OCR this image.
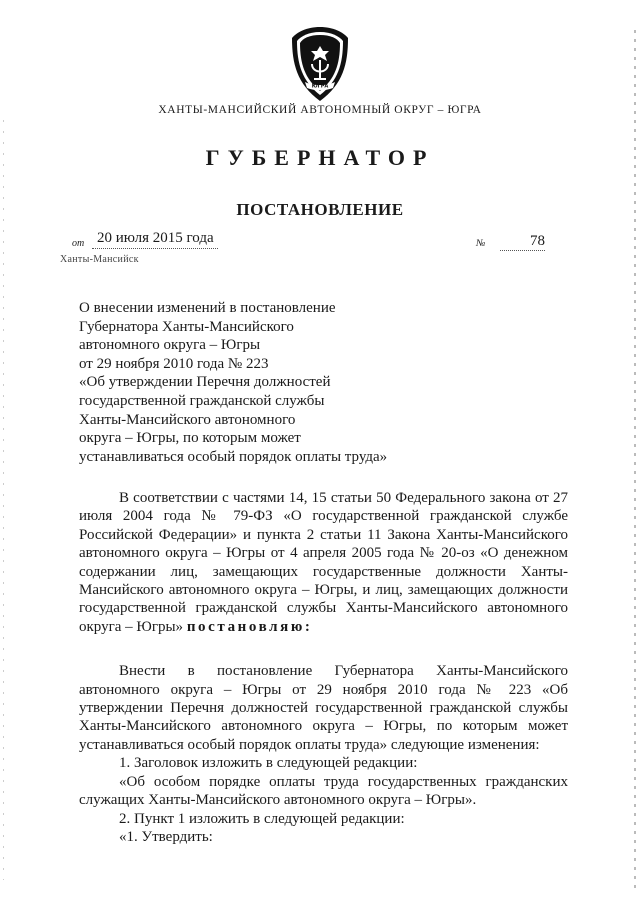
ЮГРА
ХАНТЫ-МАНСИЙСКИЙ АВТОНОМНЫЙ ОКРУГ – ЮГРА
ГУБЕРНАТОР
ПОСТАНОВЛЕНИЕ
от 20 июля 2015 года	№	78
Ханты-Мансийск
О внесении изменений в постановление
Губернатора Ханты-Мансийского
автономного округа – Югры
от 29 ноября 2010 года № 223
«Об утверждении Перечня должностей
государственной гражданской службы
Ханты-Мансийского автономного
округа – Югры, по которым может
устанавливаться особый порядок оплаты труда»

В соответствии с частями 14, 15 статьи 50 Федерального закона от 27 июля 2004 года № 79-ФЗ «О государственной гражданской службе Российской Федерации» и пункта 2 статьи 11 Закона Ханты-Мансийского автономного округа – Югры от 4 апреля 2005 года № 20-оз «О денежном содержании лиц, замещающих государственные должности Ханты-Мансийского автономного округа – Югры, и лиц, замещающих должности государственной гражданской службы Ханты-Мансийского автономного округа – Югры» постановляю:

Внести в постановление Губернатора Ханты-Мансийского автономного округа – Югры от 29 ноября 2010 года № 223 «Об утверждении Перечня должностей государственной гражданской службы Ханты-Мансийского автономного округа – Югры, по которым может устанавливаться особый порядок оплаты труда» следующие изменения:

1. Заголовок изложить в следующей редакции:

«Об особом порядке оплаты труда государственных гражданских служащих Ханты-Мансийского автономного округа – Югры».

2. Пункт 1 изложить в следующей редакции:

«1. Утвердить:
